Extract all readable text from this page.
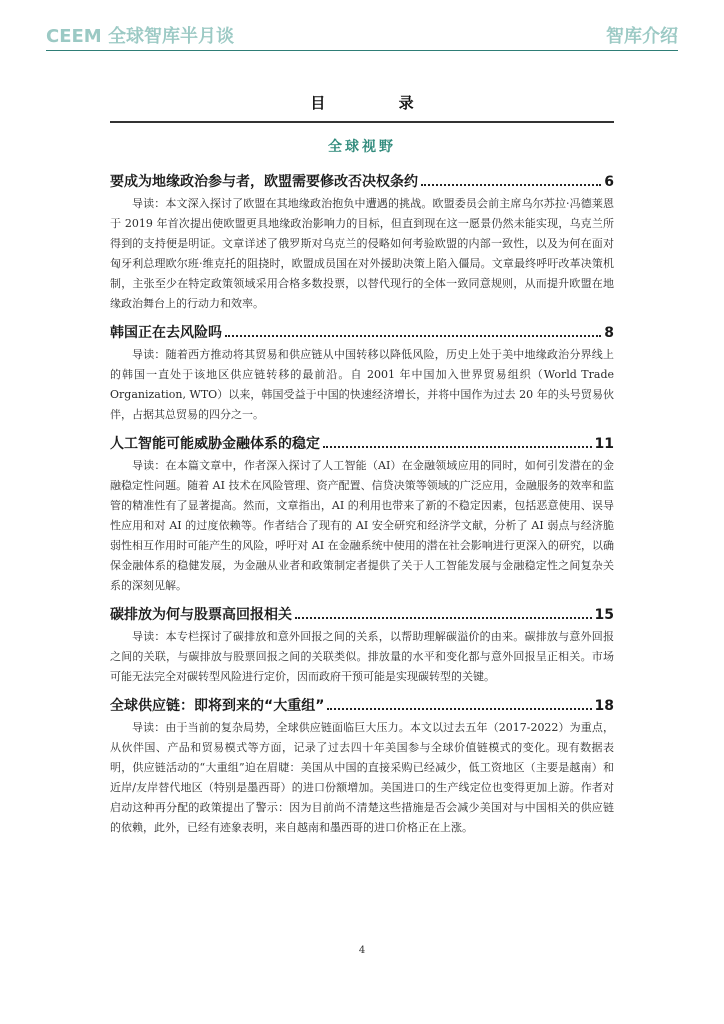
CEEM 全球智库半月谈	智库介绍
目 录
全球视野
要成为地缘政治参与者，欧盟需要修改否决权条约	6

导读：本文深入探讨了欧盟在其地缘政治抱负中遭遇的挑战。欧盟委员会前主席乌尔苏拉·冯德莱恩于 2019 年首次提出使欧盟更具地缘政治影响力的目标，但直到现在这一愿景仍然未能实现，乌克兰所得到的支持便是明证。文章详述了俄罗斯对乌克兰的侵略如何考验欧盟的内部一致性，以及为何在面对匈牙利总理欧尔班·维克托的阻挠时，欧盟成员国在对外援助决策上陷入僵局。文章最终呼吁改革决策机制，主张至少在特定政策领域采用合格多数投票，以替代现行的全体一致同意规则，从而提升欧盟在地缘政治舞台上的行动力和效率。

韩国正在去风险吗	8

导读：随着西方推动将其贸易和供应链从中国转移以降低风险，历史上处于美中地缘政治分界线上的韩国一直处于该地区供应链转移的最前沿。自 2001 年中国加入世界贸易组织（World Trade Organization, WTO）以来，韩国受益于中国的快速经济增长，并将中国作为过去 20 年的头号贸易伙伴，占据其总贸易的四分之一。

人工智能可能威胁金融体系的稳定	11

导读：在本篇文章中，作者深入探讨了人工智能（AI）在金融领域应用的同时，如何引发潜在的金融稳定性问题。随着 AI 技术在风险管理、资产配置、信贷决策等领域的广泛应用，金融服务的效率和监管的精准性有了显著提高。然而，文章指出，AI 的利用也带来了新的不稳定因素，包括恶意使用、误导性应用和对 AI 的过度依赖等。作者结合了现有的 AI 安全研究和经济学文献，分析了 AI 弱点与经济脆弱性相互作用时可能产生的风险，呼吁对 AI 在金融系统中使用的潜在社会影响进行更深入的研究，以确保金融体系的稳健发展，为金融从业者和政策制定者提供了关于人工智能发展与金融稳定性之间复杂关系的深刻见解。

碳排放为何与股票高回报相关	15

导读：本专栏探讨了碳排放和意外回报之间的关系，以帮助理解碳溢价的由来。碳排放与意外回报之间的关联，与碳排放与股票回报之间的关联类似。排放量的水平和变化都与意外回报呈正相关。市场可能无法完全对碳转型风险进行定价，因而政府干预可能是实现碳转型的关键。

全球供应链：即将到来的“大重组”	18

导读：由于当前的复杂局势，全球供应链面临巨大压力。本文以过去五年（2017-2022）为重点，从伙伴国、产品和贸易模式等方面，记录了过去四十年美国参与全球价值链模式的变化。现有数据表明，供应链活动的“大重组”迫在眉睫：美国从中国的直接采购已经减少，低工资地区（主要是越南）和近岸/友岸替代地区（特别是墨西哥）的进口份额增加。美国进口的生产线定位也变得更加上游。作者对启动这种再分配的政策提出了警示：因为目前尚不清楚这些措施是否会减少美国对与中国相关的供应链的依赖，此外，已经有迹象表明，来自越南和墨西哥的进口价格正在上涨。

4
